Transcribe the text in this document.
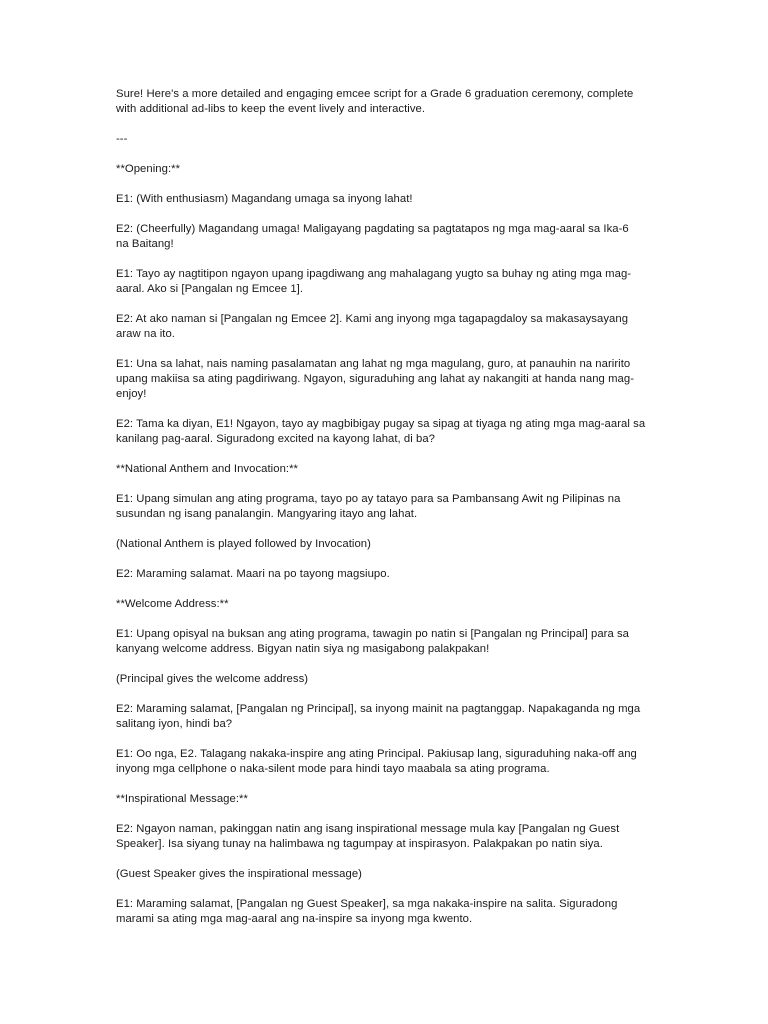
Sure! Here's a more detailed and engaging emcee script for a Grade 6 graduation ceremony, complete
with additional ad-libs to keep the event lively and interactive.

---

**Opening:**

E1: (With enthusiasm) Magandang umaga sa inyong lahat!

E2: (Cheerfully) Magandang umaga! Maligayang pagdating sa pagtatapos ng mga mag-aaral sa Ika-6
na Baitang!

E1: Tayo ay nagtitipon ngayon upang ipagdiwang ang mahalagang yugto sa buhay ng ating mga mag-
aaral. Ako si [Pangalan ng Emcee 1].

E2: At ako naman si [Pangalan ng Emcee 2]. Kami ang inyong mga tagapagdaloy sa makasaysayang
araw na ito.

E1: Una sa lahat, nais naming pasalamatan ang lahat ng mga magulang, guro, at panauhin na naririto
upang makiisa sa ating pagdiriwang. Ngayon, siguraduhing ang lahat ay nakangiti at handa nang mag-
enjoy!

E2: Tama ka diyan, E1! Ngayon, tayo ay magbibigay pugay sa sipag at tiyaga ng ating mga mag-aaral sa
kanilang pag-aaral. Siguradong excited na kayong lahat, di ba?

**National Anthem and Invocation:**

E1: Upang simulan ang ating programa, tayo po ay tatayo para sa Pambansang Awit ng Pilipinas na
susundan ng isang panalangin. Mangyaring itayo ang lahat.

(National Anthem is played followed by Invocation)

E2: Maraming salamat. Maari na po tayong magsiupo.

**Welcome Address:**

E1: Upang opisyal na buksan ang ating programa, tawagin po natin si [Pangalan ng Principal] para sa
kanyang welcome address. Bigyan natin siya ng masigabong palakpakan!

(Principal gives the welcome address)

E2: Maraming salamat, [Pangalan ng Principal], sa inyong mainit na pagtanggap. Napakaganda ng mga
salitang iyon, hindi ba?

E1: Oo nga, E2. Talagang nakaka-inspire ang ating Principal. Pakiusap lang, siguraduhing naka-off ang
inyong mga cellphone o naka-silent mode para hindi tayo maabala sa ating programa.

**Inspirational Message:**

E2: Ngayon naman, pakinggan natin ang isang inspirational message mula kay [Pangalan ng Guest
Speaker]. Isa siyang tunay na halimbawa ng tagumpay at inspirasyon. Palakpakan po natin siya.

(Guest Speaker gives the inspirational message)

E1: Maraming salamat, [Pangalan ng Guest Speaker], sa mga nakaka-inspire na salita. Siguradong
marami sa ating mga mag-aaral ang na-inspire sa inyong mga kwento.
